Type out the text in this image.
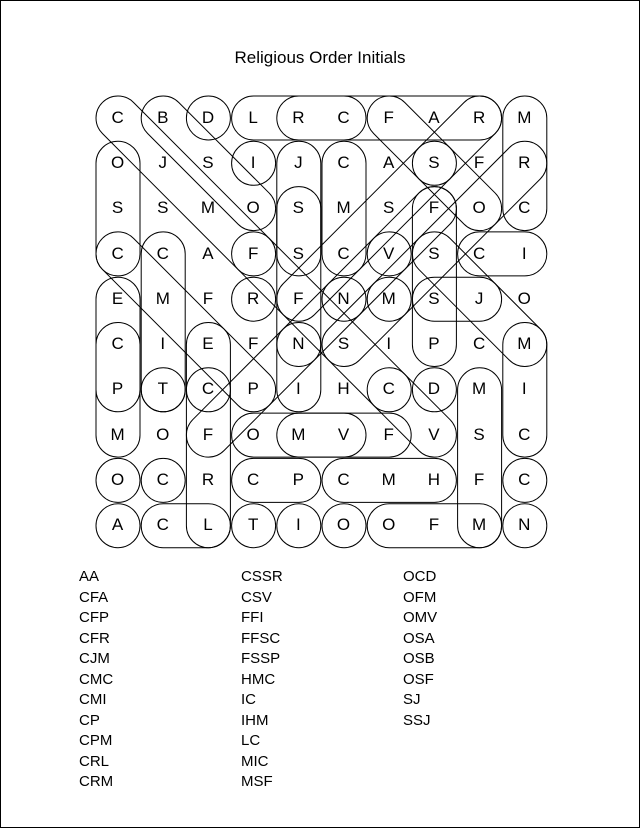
Religious Order Initials
C	B	D	L	R	C	F	A	R	M
O	J	S	I	J	C	A	S	F	R
S	S	M	O	S	M	S	F	O	C
C	C	A	F	S	C	V	S	C	I
E	M	F	R	F	N	M	S	J	O
C	I	E	F	N	S	I	P	C	M
P	T	C	P	I	H	C	D	M	I
M	O	F	O	M	V	F	V	S	C
O	C	R	C	P	C	M	H	F	C
A	C	L	T	I	O	O	F	M	N
AA
CFA
CFP
CFR
CJM
CMC
CMI
CP
CPM
CRL
CRM
CSSR
CSV
FFI
FFSC
FSSP
HMC
IC
IHM
LC
MIC
MSF
OCD
OFM
OMV
OSA
OSB
OSF
SJ
SSJ
